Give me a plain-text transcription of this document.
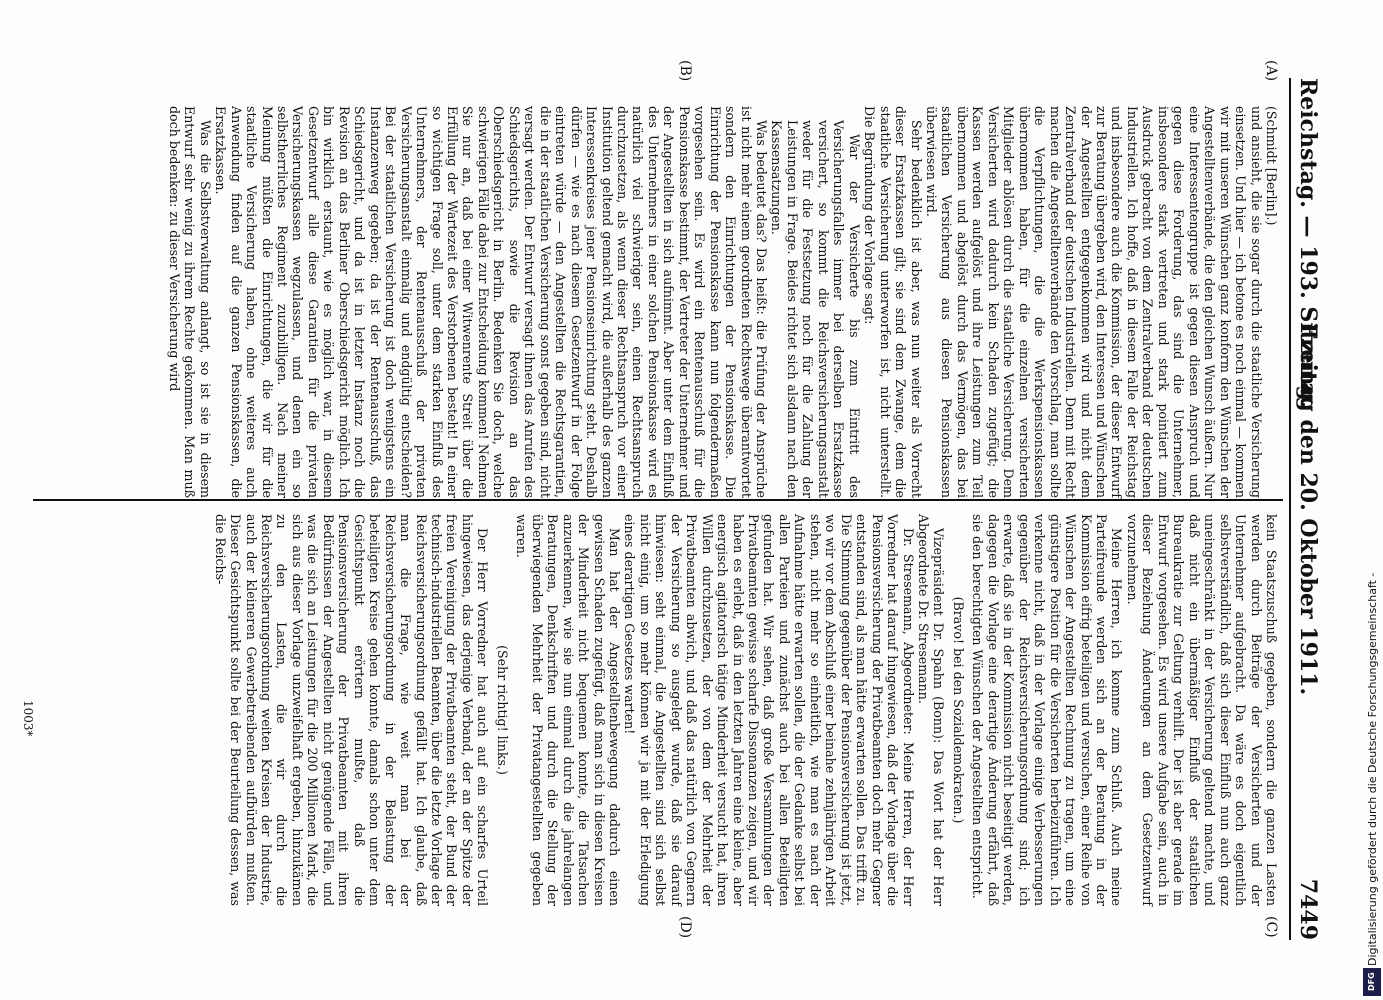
Reichstag. — 193. Sitzung.
Freitag den 20. Oktober 1911.
7449
(A)
(B)
(C)
(D)

(Schmidt [Berlin].)

und ansieht, die sie sogar durch die staatliche Versicherung einsetzen. Und hier — ich betone es noch einmal — kommen wir mit unseren Wünschen ganz konform den Wünschen der Angestelltenverbände, die den gleichen Wunsch äußern. Nur eine Interessentengruppe ist gegen diesen Anspruch und gegen diese Forderung, das sind die Unternehmer, insbesondere stark vertreten und stark pointiert zum Ausdruck gebracht von dem Zentralverband der deutschen Industriellen. Ich hoffe, daß in diesem Falle der Reichstag und insbesondere auch die Kommission, der dieser Entwurf zur Beratung übergeben wird, den Interessen und Wünschen der Angestellten entgegenkommen wird und nicht dem Zentralverband der deutschen Industriellen. Denn mit Recht machen die Angestelltenverbände den Vorschlag, man sollte die Verpflichtungen, die die Werkspensionskassen übernommen haben, für die einzelnen versicherten Mitglieder ablösen durch die staatliche Versicherung. Dem Versicherten wird dadurch kein Schaden zugefügt; die Kassen werden aufgelöst und ihre Leistungen zum Teil übernommen und abgelöst durch das Vermögen, das bei staatlichen Versicherung aus diesen Pensionskassen überwiesen wird.

Sehr bedenklich ist aber, was nun weiter als Vorrecht dieser Ersatzkassen gilt; sie sind dem Zwange, dem die staatliche Versicherung unterworfen ist, nicht unterstellt. Die Begründung der Vorlage sagt:

War der Versicherte bis zum Eintritt des Versicherungsfalles immer bei derselben Ersatzkasse versichert, so kommt die Reichsversicherungsanstalt weder für die Festsetzung noch für die Zahlung der Leistungen in Frage. Beides richtet sich alsdann nach den Kassensatzungen.

Was bedeutet das? Das heißt: die Prüfung der Ansprüche ist nicht mehr einem geordneten Rechtswege überantwortet sondern den Einrichtungen der Pensionskasse. Die Einrichtung der Pensionskasse kann nun folgendermaßen vorgesehen sein. Es wird ein Rentenausschuß für die Pensionskasse bestimmt, der Vertreter der Unternehmer und der Angestellten in sich aufnimmt. Aber unter dem Einfluß des Unternehmers in einer solchen Pensionskasse wird es natürlich viel schwieriger sein, einen Rechtsanspruch durchzusetzen, als wenn dieser Rechtsanspruch vor einer Institution geltend gemacht wird, die außerhalb des ganzen Interessenkreises jener Pensionseinrichtung steht. Deshalb dürfen — wie es nach diesem Gesetzentwurf in der Folge eintreten würde — den Angestellten die Rechtsgarantien, die in der staatlichen Versicherung sonst gegeben sind, nicht versagt werden. Der Entwurf versagt ihnen das Anrufen des Schiedsgerichts, sowie die Revision an das Oberschiedsgericht in Berlin. Bedenken Sie doch, welche schwierigen Fälle dabei zur Entscheidung kommen! Nehmen Sie nur an, daß bei einer Witwenrente Streit über die Erfüllung der Wartezeit des Verstorbenen besteht! In einer so wichtigen Frage soll, unter dem starken Einfluß des Unternehmers, der Rentenausschuß der privaten Versicherungsanstalt einmalig und endgültig entscheiden? Bei der staatlichen Versicherung ist doch wenigstens ein Instanzenweg gegeben; da ist der Rentenausschuß, das Schiedsgericht, und da ist in letzter Instanz noch die Revision an das Berliner Oberschiedsgericht möglich. Ich bin wirklich erstaunt, wie es möglich war, in diesem Gesetzentwurf alle diese Garantien für die privaten Versicherungskassen wegzulassen, und denen ein so selbstherrliches Regiment zuzubilligen. Nach meiner Meinung müßten die Einrichtungen, die wir für die staatliche Versicherung haben, ohne weiteres auch Anwendung finden auf die ganzen Pensionskassen, die Ersatzkassen.

Was die Selbstverwaltung anlangt, so ist sie in diesem Entwurf sehr wenig zu ihrem Rechte gekommen. Man muß doch bedenken: zu dieser Versicherung wird

kein Staatszuschuß gegeben, sondern die ganzen Lasten werden durch Beiträge der Versicherten und der Unternehmer aufgebracht. Da wäre es doch eigentlich selbstverständlich, daß sich dieser Einfluß nun auch ganz uneingeschränkt in der Versicherung geltend machte, und daß nicht ein übermäßiger Einfluß der staatlichen Bureaukratie zur Geltung verhilft. Der ist aber gerade im Entwurf vorgesehen. Es wird unsere Aufgabe sein, auch in dieser Beziehung Änderungen an dem Gesetzentwurf vorzunehmen.

Meine Herren, ich komme zum Schluß. Auch meine Parteifreunde werden sich an der Beratung in der Kommission eifrig beteiligen und versuchen, einer Reihe von Wünschen der Angestellten Rechnung zu tragen, um eine günstigere Position für die Versicherten herbeizuführen. Ich verkenne nicht, daß in der Vorlage einige Verbesserungen gegenüber der Reichsversicherungsordnung sind; ich erwarte, daß sie in der Kommission nicht beseitigt werden, dagegen die Vorlage eine derartige Änderung erfährt, daß sie den berechtigten Wünschen der Angestellten entspricht.

(Bravo! bei den Sozialdemokraten.)

Vizepräsident Dr. Spahn (Bonn): Das Wort hat der Herr Abgeordnete Dr. Stresemann.

Dr. Stresemann, Abgeordneter: Meine Herren, der Herr Vorredner hat darauf hingewiesen, daß der Vorlage über die Pensionsversicherung der Privatbeamten doch mehr Gegner entstanden sind, als man hätte erwarten sollen. Das trifft zu. Die Stimmung gegenüber der Pensionsversicherung ist jetzt, wo wir vor dem Abschluß einer beinahe zehnjährigen Arbeit stehen, nicht mehr so einheitlich, wie man es nach der Aufnahme hätte erwarten sollen, die der Gedanke selbst bei allen Parteien und zunächst auch bei allen Beteiligten gefunden hat. Wir sehen, daß große Versammlungen der Privatbeamten gewisse scharfe Dissonanzen zeigen, und wir haben es erlebt, daß in den letzten Jahren eine kleine, aber energisch agitatorisch tätige Minderheit versucht hat, ihren Willen durchzusetzen, der von dem der Mehrheit der Privatbeamten abwich, und daß das natürlich von Gegnern der Versicherung so ausgelegt wurde, daß sie darauf hinwiesen: seht einmal, die Angestellten sind sich selbst nicht einig, um so mehr können wir ja mit der Erledigung eines derartigen Gesetzes warten!

Man hat der Angestelltenbewegung dadurch einen gewissen Schaden zugefügt, daß man sich in diesen Kreisen der Minderheit nicht bequemen konnte, die Tatsachen anzuerkennen, wie sie nun einmal durch die jahrelangen Beratungen, Denkschriften und durch die Stellung der überwiegenden Mehrheit der Privatangestellten gegeben waren.

(Sehr richtig! links.)

Der Herr Vorredner hat auch auf ein scharfes Urteil hingewiesen, das derjenige Verband, der an der Spitze der freien Vereinigung der Privatbeamten steht, der Bund der technisch-industriellen Beamten, über die letzte Vorlage der Reichsversicherungsordnung gefällt hat. Ich glaube, daß man die Frage, wie weit man bei der Reichsversicherungsordnung in der Belastung der beteiligten Kreise gehen konnte, damals schon unter dem Gesichtspunkt erörtern mußte, daß die Pensionsversicherung der Privatbeamten mit ihren Bedürfnissen der Angestellten nicht genügende Fälle, und was die sich an Leistungen für die 200 Millionen Mark, die sich aus dieser Vorlage unzweifelhaft ergeben, hinzukämen zu den Lasten, die wir durch die Reichsversicherungsordnung weiten Kreisen der Industrie, auch der kleineren Gewerbetreibenden aufbürden mußten. Dieser Gesichtspunkt sollte bei der Beurteilung dessen, was die Reichs-

1003*	Digitalisierung gefördert durch die Deutsche Forschungsgemeinschaft -
DFG
